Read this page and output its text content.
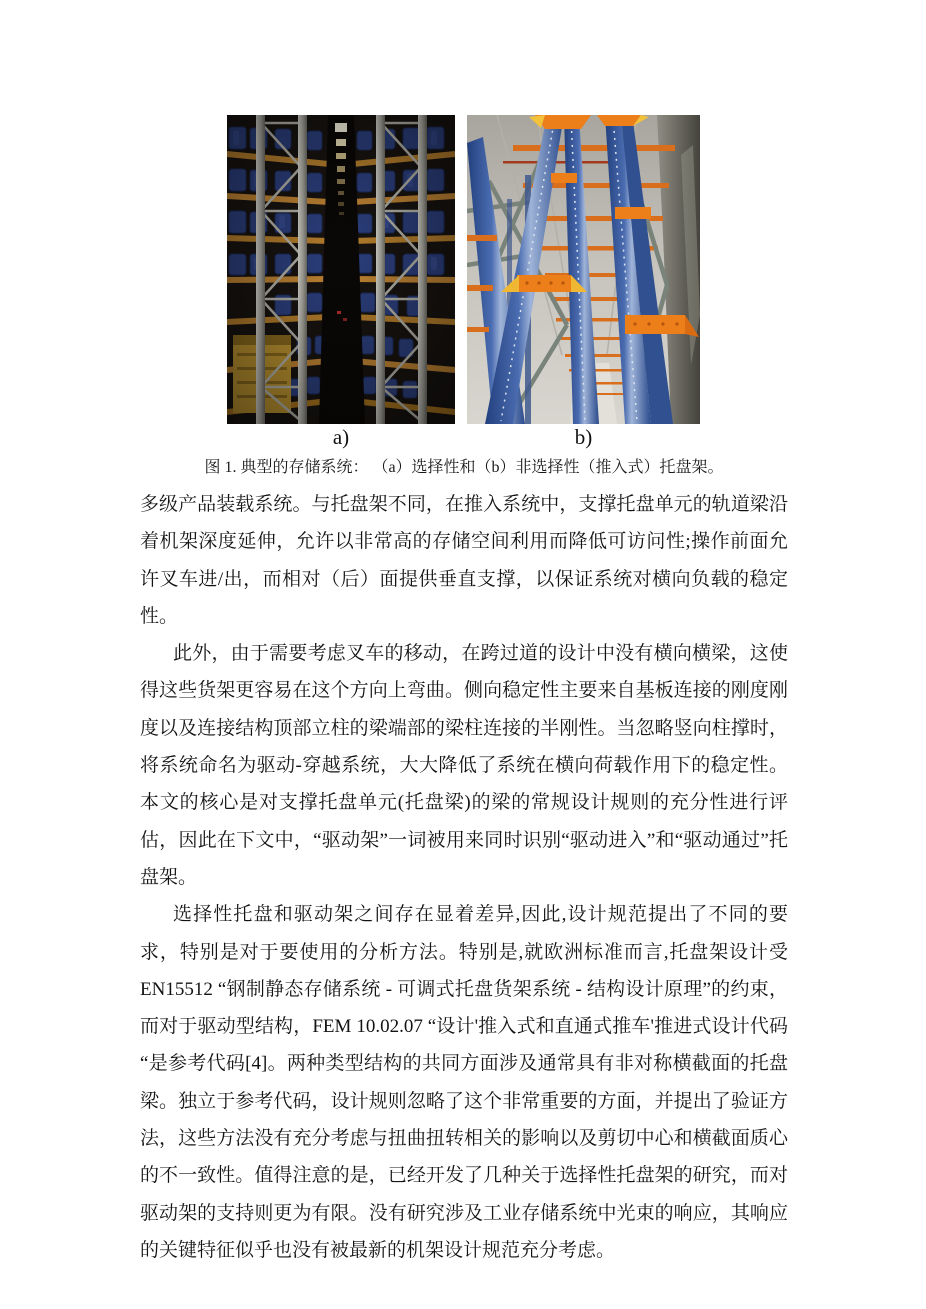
a)	b)
图 1. 典型的存储系统： （a）选择性和（b）非选择性（推入式）托盘架。

多级产品装载系统。与托盘架不同，在推入系统中，支撑托盘单元的轨道梁沿着机架深度延伸，允许以非常高的存储空间利用而降低可访问性;操作前面允许叉车进/出，而相对（后）面提供垂直支撑，以保证系统对横向负载的稳定性。

此外，由于需要考虑叉车的移动，在跨过道的设计中没有横向横梁，这使得这些货架更容易在这个方向上弯曲。侧向稳定性主要来自基板连接的刚度刚度以及连接结构顶部立柱的梁端部的梁柱连接的半刚性。当忽略竖向柱撑时，将系统命名为驱动-穿越系统，大大降低了系统在横向荷载作用下的稳定性。本文的核心是对支撑托盘单元(托盘梁)的梁的常规设计规则的充分性进行评估，因此在下文中，“驱动架”一词被用来同时识别“驱动进入”和“驱动通过”托盘架。

选择性托盘和驱动架之间存在显着差异,因此,设计规范提出了不同的要求，特别是对于要使用的分析方法。特别是,就欧洲标准而言,托盘架设计受 EN15512 “钢制静态存储系统 - 可调式托盘货架系统 - 结构设计原理”的约束，而对于驱动型结构，FEM 10.02.07 “设计'推入式和直通式推车'推进式设计代码 “是参考代码[4]。两种类型结构的共同方面涉及通常具有非对称横截面的托盘梁。独立于参考代码，设计规则忽略了这个非常重要的方面，并提出了验证方法，这些方法没有充分考虑与扭曲扭转相关的影响以及剪切中心和横截面质心的不一致性。值得注意的是，已经开发了几种关于选择性托盘架的研究，而对驱动架的支持则更为有限。没有研究涉及工业存储系统中光束的响应，其响应的关键特征似乎也没有被最新的机架设计规范充分考虑。
